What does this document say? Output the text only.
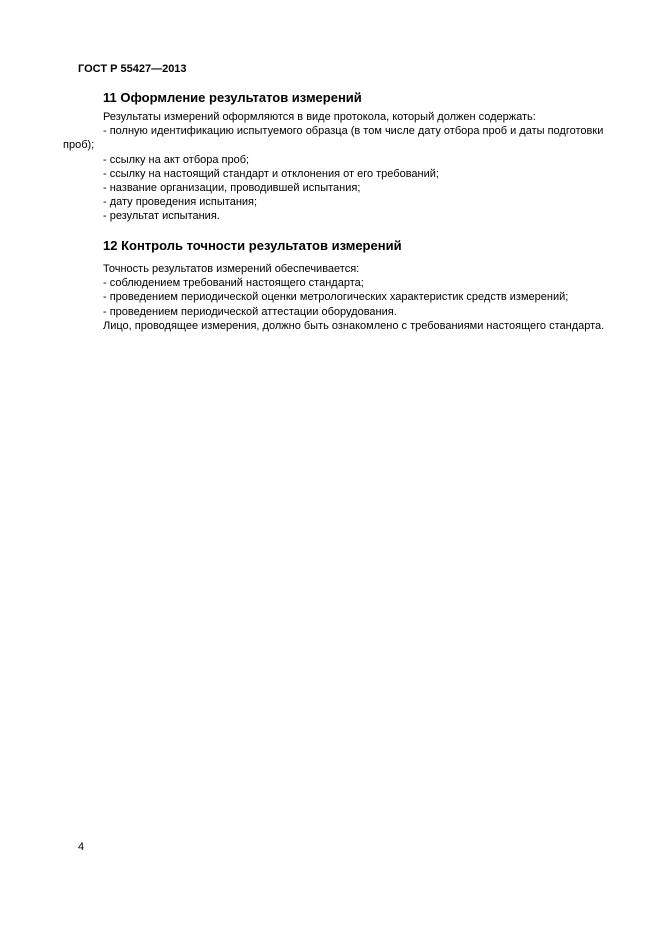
ГОСТ Р 55427—2013
11 Оформление результатов измерений
Результаты измерений оформляются в виде протокола, который должен содержать:
- полную идентификацию испытуемого образца (в том числе дату отбора проб и даты подготовки
проб);
- ссылку на акт отбора проб;
- ссылку на настоящий стандарт и отклонения от его требований;
- название организации, проводившей испытания;
- дату проведения испытания;
- результат испытания.
12 Контроль точности результатов измерений
Точность результатов измерений обеспечивается:
- соблюдением требований настоящего стандарта;
- проведением периодической оценки метрологических характеристик средств измерений;
- проведением периодической аттестации оборудования.
Лицо, проводящее измерения, должно быть ознакомлено с требованиями настоящего стандарта.
4
